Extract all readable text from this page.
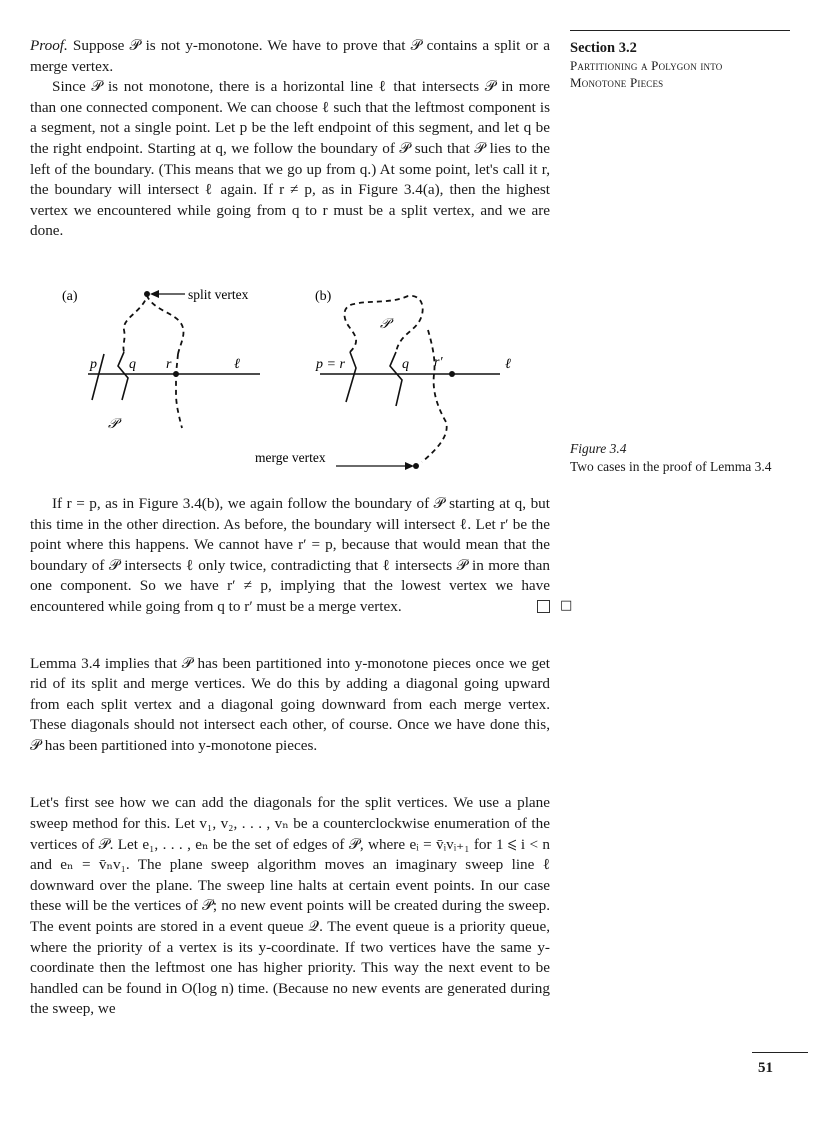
Proof. Suppose 𝒫 is not y-monotone. We have to prove that 𝒫 contains a split or a merge vertex.

Since 𝒫 is not monotone, there is a horizontal line ℓ that intersects 𝒫 in more than one connected component. We can choose ℓ such that the leftmost component is a segment, not a single point. Let p be the left endpoint of this segment, and let q be the right endpoint. Starting at q, we follow the boundary of 𝒫 such that 𝒫 lies to the left of the boundary. (This means that we go up from q.) At some point, let's call it r, the boundary will intersect ℓ again. If r ≠ p, as in Figure 3.4(a), then the highest vertex we encountered while going from q to r must be a split vertex, and we are done.

If r = p, as in Figure 3.4(b), we again follow the boundary of 𝒫 starting at q, but this time in the other direction. As before, the boundary will intersect ℓ. Let r′ be the point where this happens. We cannot have r′ = p, because that would mean that the boundary of 𝒫 intersects ℓ only twice, contradicting that ℓ intersects 𝒫 in more than one component. So we have r′ ≠ p, implying that the lowest vertex we have encountered while going from q to r′ must be a merge vertex.	□

Lemma 3.4 implies that 𝒫 has been partitioned into y-monotone pieces once we get rid of its split and merge vertices. We do this by adding a diagonal going upward from each split vertex and a diagonal going downward from each merge vertex. These diagonals should not intersect each other, of course. Once we have done this, 𝒫 has been partitioned into y-monotone pieces.

Let's first see how we can add the diagonals for the split vertices. We use a plane sweep method for this. Let v₁, v₂, . . . , vₙ be a counterclockwise enumeration of the vertices of 𝒫. Let e₁, . . . , eₙ be the set of edges of 𝒫, where eᵢ = v̄ᵢvᵢ₊₁ for 1 ⩽ i < n and eₙ = v̄ₙv₁. The plane sweep algorithm moves an imaginary sweep line ℓ downward over the plane. The sweep line halts at certain event points. In our case these will be the vertices of 𝒫; no new event points will be created during the sweep. The event points are stored in a event queue 𝒬. The event queue is a priority queue, where the priority of a vertex is its y-coordinate. If two vertices have the same y-coordinate then the leftmost one has higher priority. This way the next event to be handled can be found in O(log n) time. (Because no new events are generated during the sweep, we

Section 3.2
Partitioning a Polygon into
Monotone Pieces
(a)	split vertex
p q r	ℓ
𝒫
(b)
merge vertex
p = r	q r′	ℓ
𝒫
Figure 3.4
Two cases in the proof of Lemma 3.4
51
